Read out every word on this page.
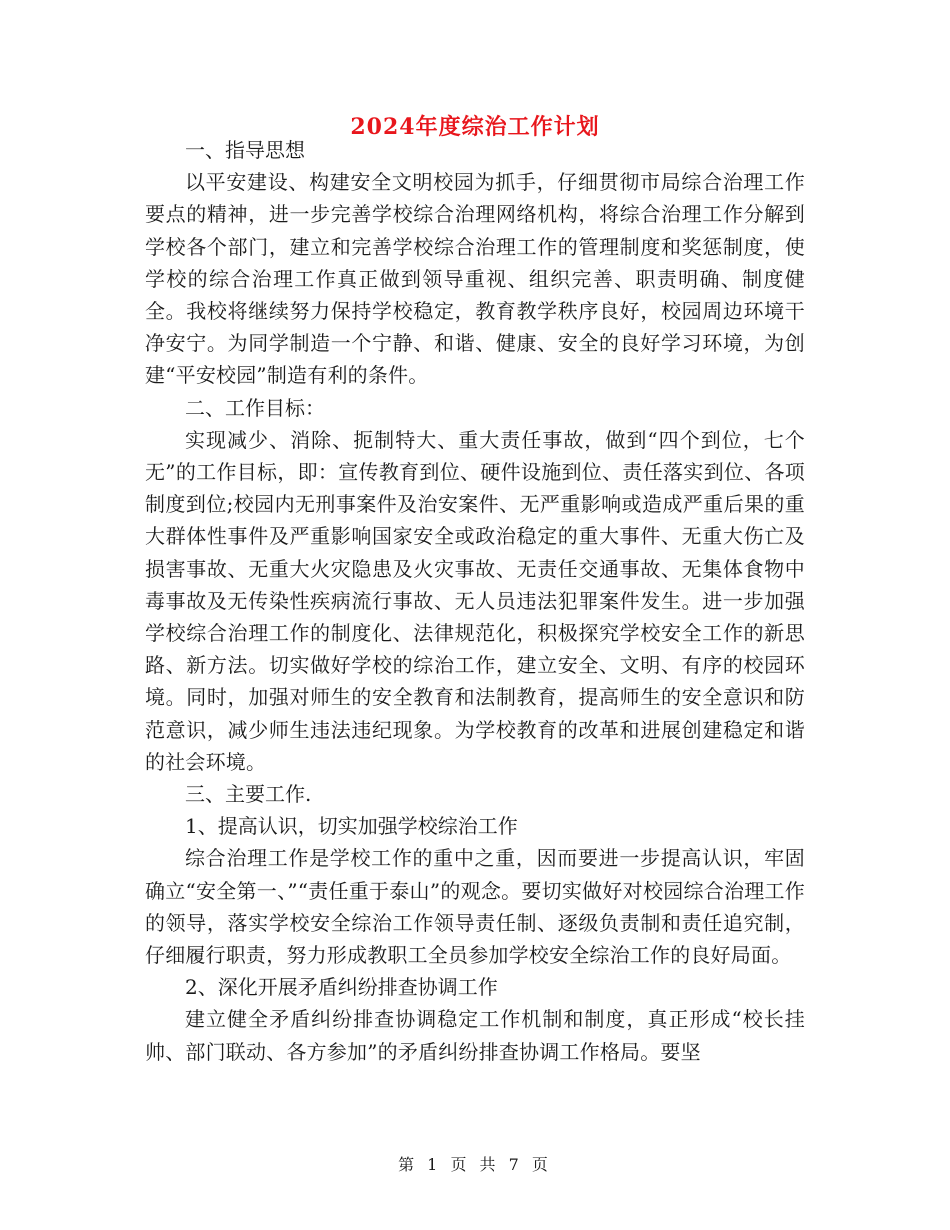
2024年度综治工作计划

一、指导思想

以平安建设、构建安全文明校园为抓手，仔细贯彻市局综合治理工作要点的精神，进一步完善学校综合治理网络机构，将综合治理工作分解到学校各个部门，建立和完善学校综合治理工作的管理制度和奖惩制度，使学校的综合治理工作真正做到领导重视、组织完善、职责明确、制度健全。我校将继续努力保持学校稳定，教育教学秩序良好，校园周边环境干净安宁。为同学制造一个宁静、和谐、健康、安全的良好学习环境，为创建“平安校园”制造有利的条件。

二、工作目标：

实现减少、消除、扼制特大、重大责任事故，做到“四个到位，七个无”的工作目标，即：宣传教育到位、硬件设施到位、责任落实到位、各项制度到位;校园内无刑事案件及治安案件、无严重影响或造成严重后果的重大群体性事件及严重影响国家安全或政治稳定的重大事件、无重大伤亡及损害事故、无重大火灾隐患及火灾事故、无责任交通事故、无集体食物中毒事故及无传染性疾病流行事故、无人员违法犯罪案件发生。进一步加强学校综合治理工作的制度化、法律规范化，积极探究学校安全工作的新思路、新方法。切实做好学校的综治工作，建立安全、文明、有序的校园环境。同时，加强对师生的安全教育和法制教育，提高师生的安全意识和防范意识，减少师生违法违纪现象。为学校教育的改革和进展创建稳定和谐的社会环境。

三、主要工作.

1、提高认识，切实加强学校综治工作

综合治理工作是学校工作的重中之重，因而要进一步提高认识，牢固确立“安全第一、”“责任重于泰山”的观念。要切实做好对校园综合治理工作的领导，落实学校安全综治工作领导责任制、逐级负责制和责任追究制，仔细履行职责，努力形成教职工全员参加学校安全综治工作的良好局面。

2、深化开展矛盾纠纷排查协调工作

建立健全矛盾纠纷排查协调稳定工作机制和制度，真正形成“校长挂帅、部门联动、各方参加”的矛盾纠纷排查协调工作格局。要坚

第 1 页 共 7 页
